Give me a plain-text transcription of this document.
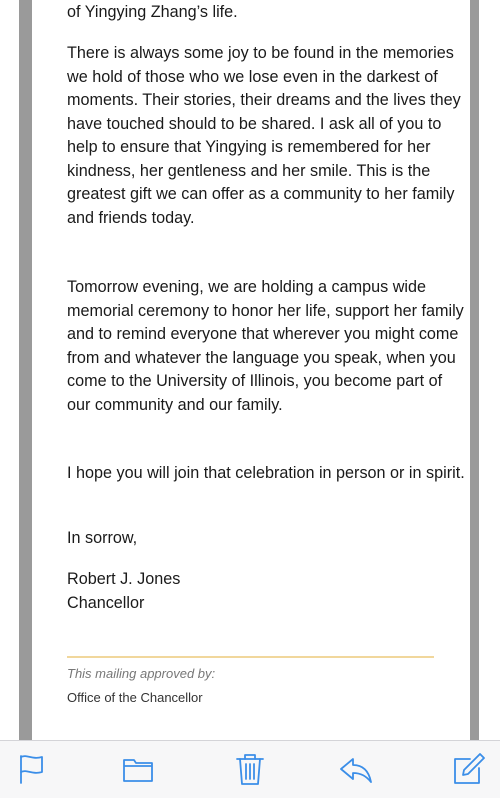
of Yingying Zhang’s life.

There is always some joy to be found in the memories we hold of those who we lose even in the darkest of moments. Their stories, their dreams and the lives they have touched should to be shared. I ask all of you to help to ensure that Yingying is remembered for her kindness, her gentleness and her smile. This is the greatest gift we can offer as a community to her family and friends today.

Tomorrow evening, we are holding a campus wide memorial ceremony to honor her life, support her family and to remind everyone that wherever you might come from and whatever the language you speak, when you come to the University of Illinois, you become part of our community and our family.

I hope you will join that celebration in person or in spirit.

In sorrow,

Robert J. Jones
Chancellor
This mailing approved by:
Office of the Chancellor
